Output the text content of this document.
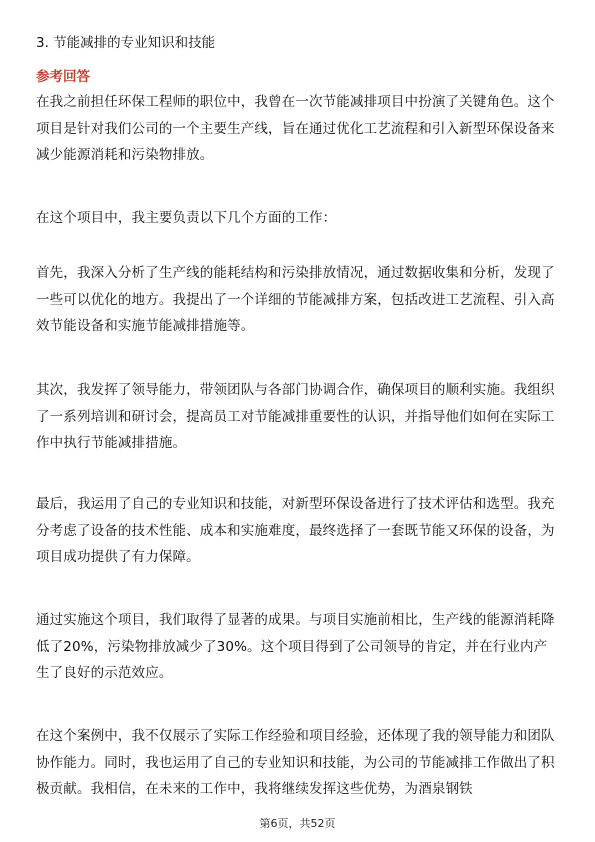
3. 节能减排的专业知识和技能
参考回答

在我之前担任环保工程师的职位中，我曾在一次节能减排项目中扮演了关键角色。这个项目是针对我们公司的一个主要生产线，旨在通过优化工艺流程和引入新型环保设备来减少能源消耗和污染物排放。

在这个项目中，我主要负责以下几个方面的工作：

首先，我深入分析了生产线的能耗结构和污染排放情况，通过数据收集和分析，发现了一些可以优化的地方。我提出了一个详细的节能减排方案，包括改进工艺流程、引入高效节能设备和实施节能减排措施等。

其次，我发挥了领导能力，带领团队与各部门协调合作，确保项目的顺利实施。我组织了一系列培训和研讨会，提高员工对节能减排重要性的认识，并指导他们如何在实际工作中执行节能减排措施。

最后，我运用了自己的专业知识和技能，对新型环保设备进行了技术评估和选型。我充分考虑了设备的技术性能、成本和实施难度，最终选择了一套既节能又环保的设备，为项目成功提供了有力保障。

通过实施这个项目，我们取得了显著的成果。与项目实施前相比，生产线的能源消耗降低了20%，污染物排放减少了30%。这个项目得到了公司领导的肯定，并在行业内产生了良好的示范效应。

在这个案例中，我不仅展示了实际工作经验和项目经验，还体现了我的领导能力和团队协作能力。同时，我也运用了自己的专业知识和技能，为公司的节能减排工作做出了积极贡献。我相信，在未来的工作中，我将继续发挥这些优势，为酒泉钢铁

第6页，共52页
